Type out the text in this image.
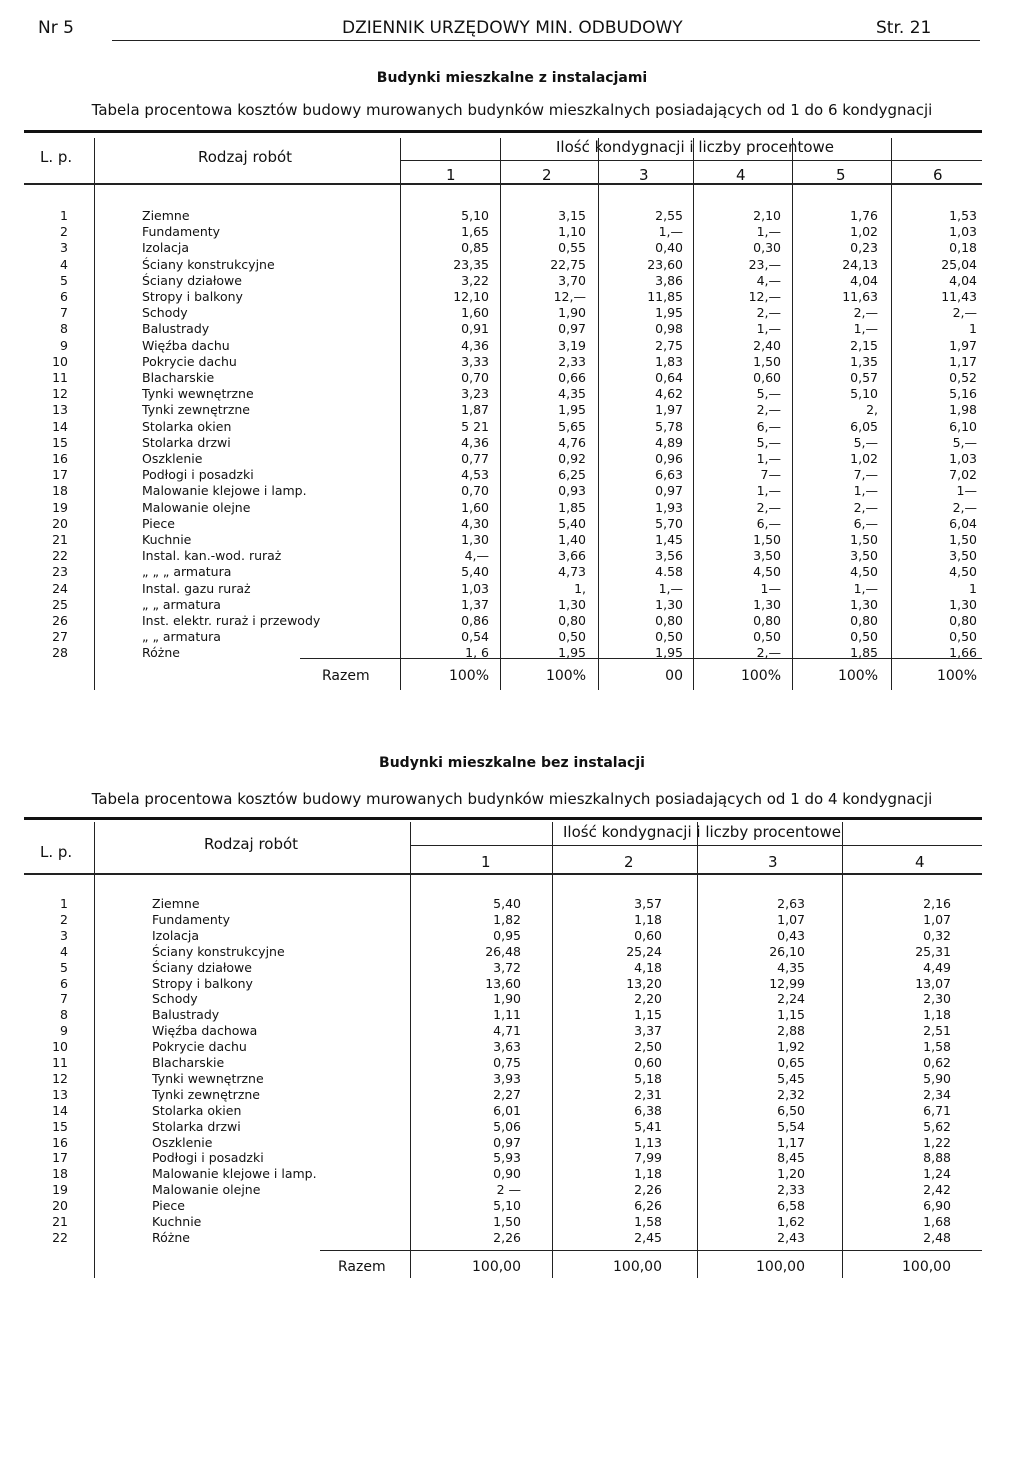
Nr 5	DZIENNIK URZĘDOWY MIN. ODBUDOWY	Str. 21
Budynki mieszkalne z instalacjami
Tabela procentowa kosztów budowy murowanych budynków mieszkalnych posiadających od 1 do 6 kondygnacji
L. p.	Rodzaj robót
Ilość kondygnacji i liczby procentowe
1	2	3	4	5	6
1	Ziemne	5,10	3,15	2,55	2,10	1,76	1,53
2	Fundamenty	1,65	1,10	1,—	1,—	1,02	1,03
3	Izolacja	0,85	0,55	0,40	0,30	0,23	0,18
4	Ściany konstrukcyjne	23,35	22,75	23,60	23,—	24,13	25,04
5	Ściany działowe	3,22	3,70	3,86	4,—	4,04	4,04
6	Stropy i balkony	12,10	12,—	11,85	12,—	11,63	11,43
7	Schody	1,60	1,90	1,95	2,—	2,—	2,—
8	Balustrady	0,91	0,97	0,98	1,—	1,—	1
9	Więźba dachu	4,36	3,19	2,75	2,40	2,15	1,97
10	Pokrycie dachu	3,33	2,33	1,83	1,50	1,35	1,17
11	Blacharskie	0,70	0,66	0,64	0,60	0,57	0,52
12	Tynki wewnętrzne	3,23	4,35	4,62	5,—	5,10	5,16
13	Tynki zewnętrzne	1,87	1,95	1,97	2,—	2,	1,98
14	Stolarka okien	5 21	5,65	5,78	6,—	6,05	6,10
15	Stolarka drzwi	4,36	4,76	4,89	5,—	5,—	5,—
16	Oszklenie	0,77	0,92	0,96	1,—	1,02	1,03
17	Podłogi i posadzki	4,53	6,25	6,63	7—	7,—	7,02
18	Malowanie klejowe i lamp.	0,70	0,93	0,97	1,—	1,—	1—
19	Malowanie olejne	1,60	1,85	1,93	2,—	2,—	2,—
20	Piece	4,30	5,40	5,70	6,—	6,—	6,04
21	Kuchnie	1,30	1,40	1,45	1,50	1,50	1,50
22	Instal. kan.-wod. ruraż	4,—	3,66	3,56	3,50	3,50	3,50
23	„ „ „ armatura	5,40	4,73	4.58	4,50	4,50	4,50
24	Instal. gazu ruraż	1,03	1,	1,—	1—	1,—	1
25	„ „ armatura	1,37	1,30	1,30	1,30	1,30	1,30
26	Inst. elektr. ruraż i przewody	0,86	0,80	0,80	0,80	0,80	0,80
27	„ „ armatura	0,54	0,50	0,50	0,50	0,50	0,50
28	Różne	1, 6	1,95	1,95	2,—	1,85	1,66
Razem	100%	100%	00	100%	100%	100%
Budynki mieszkalne bez instalacji
Tabela procentowa kosztów budowy murowanych budynków mieszkalnych posiadających od 1 do 4 kondygnacji
L. p.	Rodzaj robót
Ilość kondygnacji i liczby procentowe
1	2	3	4
1	Ziemne	5,40	3,57	2,63	2,16
2	Fundamenty	1,82	1,18	1,07	1,07
3	Izolacja	0,95	0,60	0,43	0,32
4	Ściany konstrukcyjne	26,48	25,24	26,10	25,31
5	Ściany działowe	3,72	4,18	4,35	4,49
6	Stropy i balkony	13,60	13,20	12,99	13,07
7	Schody	1,90	2,20	2,24	2,30
8	Balustrady	1,11	1,15	1,15	1,18
9	Więźba dachowa	4,71	3,37	2,88	2,51
10	Pokrycie dachu	3,63	2,50	1,92	1,58
11	Blacharskie	0,75	0,60	0,65	0,62
12	Tynki wewnętrzne	3,93	5,18	5,45	5,90
13	Tynki zewnętrzne	2,27	2,31	2,32	2,34
14	Stolarka okien	6,01	6,38	6,50	6,71
15	Stolarka drzwi	5,06	5,41	5,54	5,62
16	Oszklenie	0,97	1,13	1,17	1,22
17	Podłogi i posadzki	5,93	7,99	8,45	8,88
18	Malowanie klejowe i lamp.	0,90	1,18	1,20	1,24
19	Malowanie olejne	2 —	2,26	2,33	2,42
20	Piece	5,10	6,26	6,58	6,90
21	Kuchnie	1,50	1,58	1,62	1,68
22	Różne	2,26	2,45	2,43	2,48
Razem	100,00	100,00	100,00	100,00
